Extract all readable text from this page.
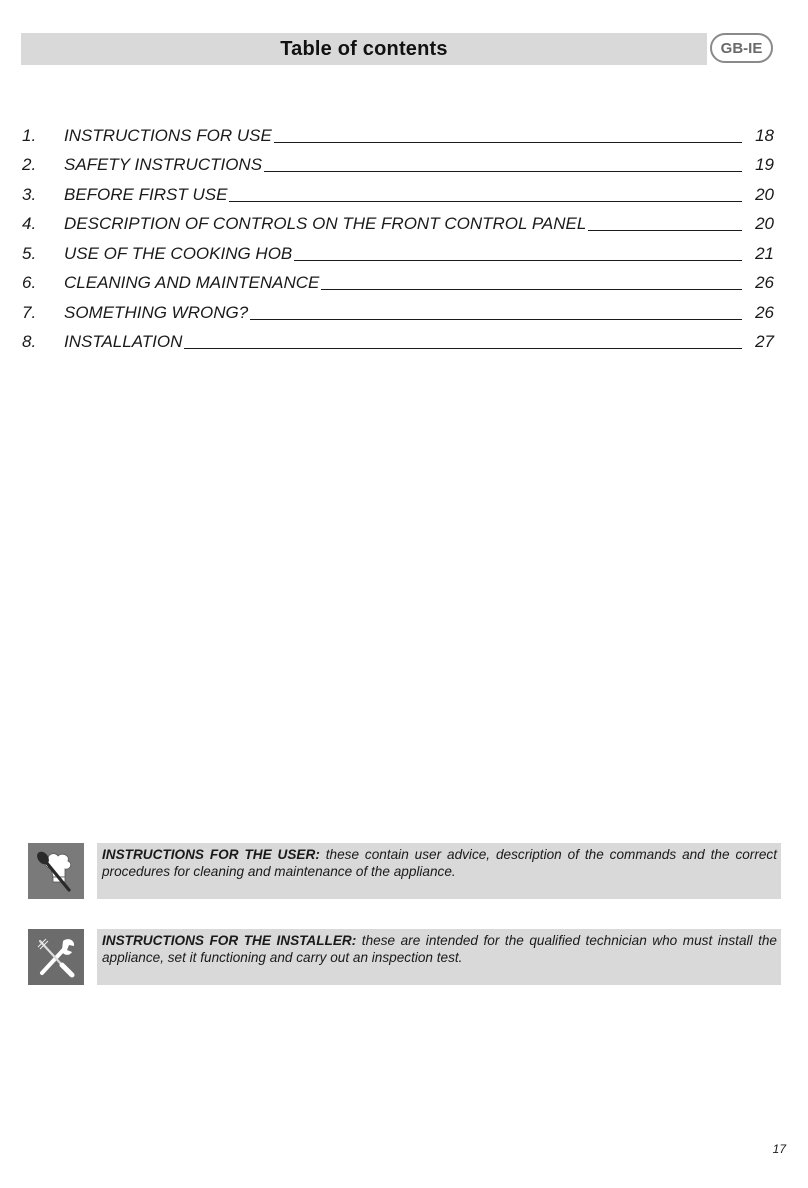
Table of contents	GB-IE
1.	INSTRUCTIONS FOR USE	18
2.	SAFETY INSTRUCTIONS	19
3.	BEFORE FIRST USE	20
4.	DESCRIPTION OF CONTROLS ON THE FRONT CONTROL PANEL	20
5.	USE OF THE COOKING HOB	21
6.	CLEANING AND MAINTENANCE	26
7.	SOMETHING WRONG?	26
8.	INSTALLATION	27
INSTRUCTIONS FOR THE USER: these contain user advice, description of the commands and the correct procedures for cleaning and maintenance of the appliance.
INSTRUCTIONS FOR THE INSTALLER: these are intended for the qualified technician who must install the appliance, set it functioning and carry out an inspection test.
17
